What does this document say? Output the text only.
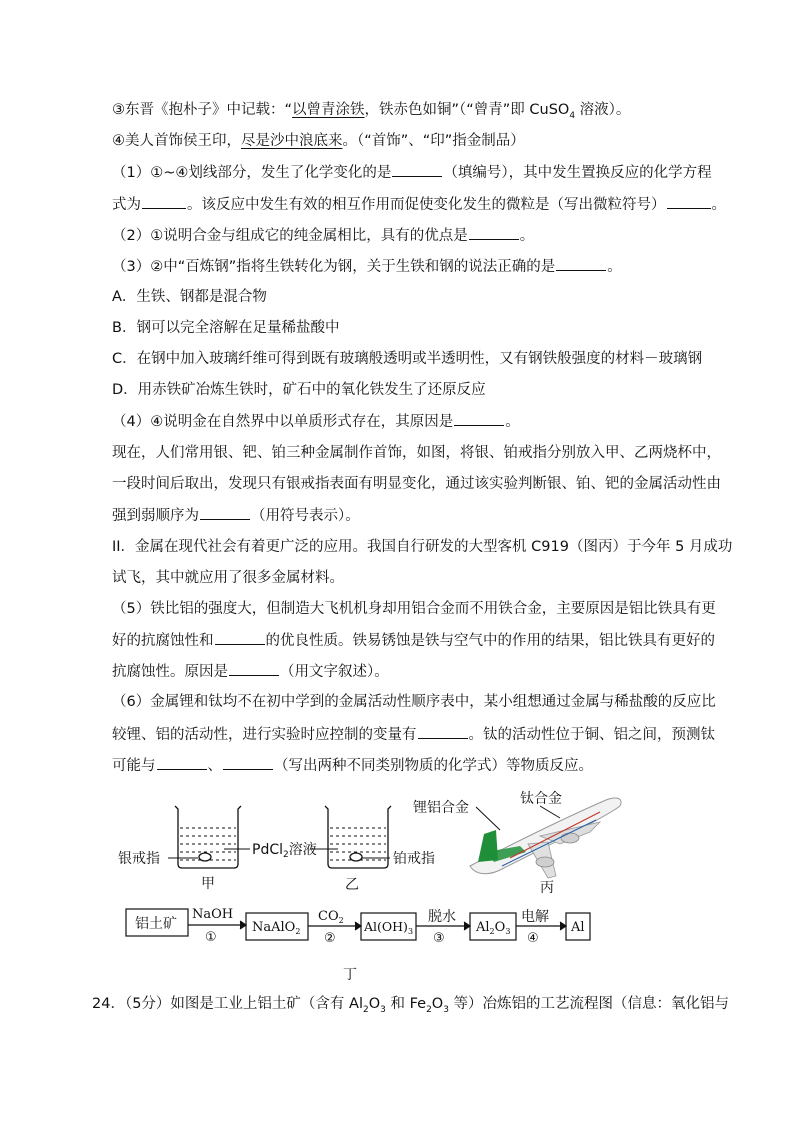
③东晋《抱朴子》中记载：“以曾青涂铁，铁赤色如铜”（“曾青”即 CuSO$_4$ 溶液）。
④美人首饰侯王印，尽是沙中浪底来。（“首饰”、“印”指金制品）
（1）①~④划线部分，发生了化学变化的是	（填编号），其中发生置换反应的化学方程
式为	。该反应中发生有效的相互作用而促使变化发生的微粒是（写出微粒符号）	。
（2）①说明合金与组成它的纯金属相比，具有的优点是	。
（3）②中“百炼钢”指将生铁转化为钢，关于生铁和钢的说法正确的是	。
A．生铁、钢都是混合物
B．钢可以完全溶解在足量稀盐酸中
C．在钢中加入玻璃纤维可得到既有玻璃般透明或半透明性，又有钢铁般强度的材料－玻璃钢
D．用赤铁矿冶炼生铁时，矿石中的氧化铁发生了还原反应
（4）④说明金在自然界中以单质形式存在，其原因是	。
现在，人们常用银、钯、铂三种金属制作首饰，如图，将银、铂戒指分别放入甲、乙两烧杯中，
一段时间后取出，发现只有银戒指表面有明显变化，通过该实验判断银、铂、钯的金属活动性由
强到弱顺序为	（用符号表示）。
II．金属在现代社会有着更广泛的应用。我国自行研发的大型客机 C919（图丙）于今年 5 月成功
试飞，其中就应用了很多金属材料。
（5）铁比铝的强度大，但制造大飞机机身却用铝合金而不用铁合金，主要原因是铝比铁具有更
好的抗腐蚀性和	的优良性质。铁易锈蚀是铁与空气中的作用的结果，铝比铁具有更好的
抗腐蚀性。原因是	（用文字叙述）。
（6）金属锂和钛均不在初中学到的金属活动性顺序表中，某小组想通过金属与稀盐酸的反应比
较锂、铝的活动性，进行实验时应控制的变量有	。钛的活动性位于铜、铝之间，预测钛
可能与	、	（写出两种不同类别物质的化学式）等物质反应。
24．（5分）如图是工业上铝土矿（含有 $Al_2O_3$ 和 $Fe_2O_3$ 等）冶炼铝的工艺流程图（信息：氧化铝与
银戒指
PdCl$_2$溶液
铂戒指
甲	乙
锂铝合金
钛合金
丙
铝土矿
NaOH
①
NaAlO$_2$
$CO_2$
②
$Al(OH)_3$
脱水
③
$Al_2O_3$
电解
④
Al
丁
